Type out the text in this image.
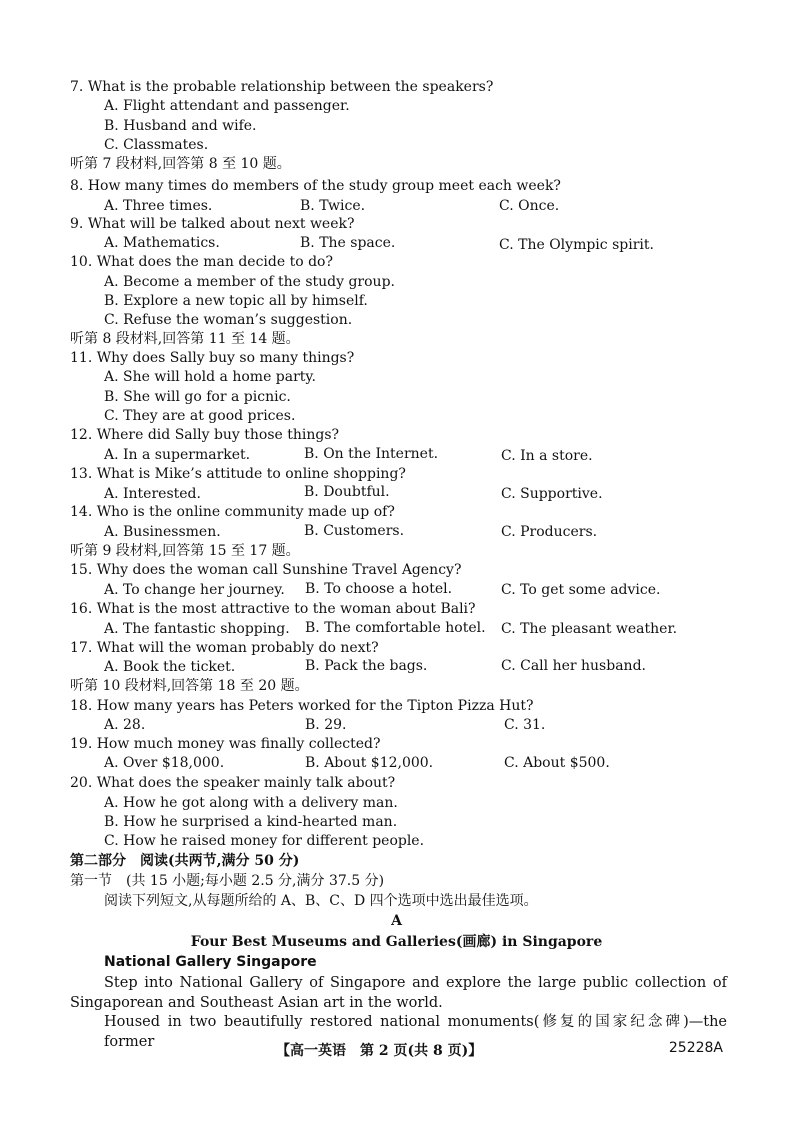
7. What is the probable relationship between the speakers?
A. Flight attendant and passenger.
B. Husband and wife.
C. Classmates.
听第 7 段材料,回答第 8 至 10 题。
8. How many times do members of the study group meet each week?
A. Three times.	B. Twice.	C. Once.
9. What will be talked about next week?
A. Mathematics.	B. The space.	C. The Olympic spirit.
10. What does the man decide to do?
A. Become a member of the study group.
B. Explore a new topic all by himself.
C. Refuse the woman’s suggestion.
听第 8 段材料,回答第 11 至 14 题。
11. Why does Sally buy so many things?
A. She will hold a home party.
B. She will go for a picnic.
C. They are at good prices.
12. Where did Sally buy those things?
A. In a supermarket.	B. On the Internet.	C. In a store.
13. What is Mike’s attitude to online shopping?
A. Interested.	B. Doubtful.	C. Supportive.
14. Who is the online community made up of?
A. Businessmen.	B. Customers.	C. Producers.
听第 9 段材料,回答第 15 至 17 题。
15. Why does the woman call Sunshine Travel Agency?
A. To change her journey. B. To choose a hotel.	C. To get some advice.
16. What is the most attractive to the woman about Bali?
A. The fantastic shopping. B. The comfortable hotel. C. The pleasant weather.
17. What will the woman probably do next?
A. Book the ticket.	B. Pack the bags.	C. Call her husband.
听第 10 段材料,回答第 18 至 20 题。
18. How many years has Peters worked for the Tipton Pizza Hut?
A. 28.	B. 29.	C. 31.
19. How much money was finally collected?
A. Over $18,000.	B. About $12,000.	C. About $500.
20. What does the speaker mainly talk about?
A. How he got along with a delivery man.
B. How he surprised a kind-hearted man.
C. How he raised money for different people.
第二部分　阅读(共两节,满分 50 分)
第一节　(共 15 小题;每小题 2.5 分,满分 37.5 分)
阅读下列短文,从每题所给的 A、B、C、D 四个选项中选出最佳选项。
A
Four Best Museums and Galleries(画廊) in Singapore
National Gallery Singapore
Step into National Gallery of Singapore and explore the large public collection of
Singaporean and Southeast Asian art in the world.
Housed in two beautifully restored national monuments(修复的国家纪念碑)—the former
【高一英语　第 2 页(共 8 页)】	25228A
